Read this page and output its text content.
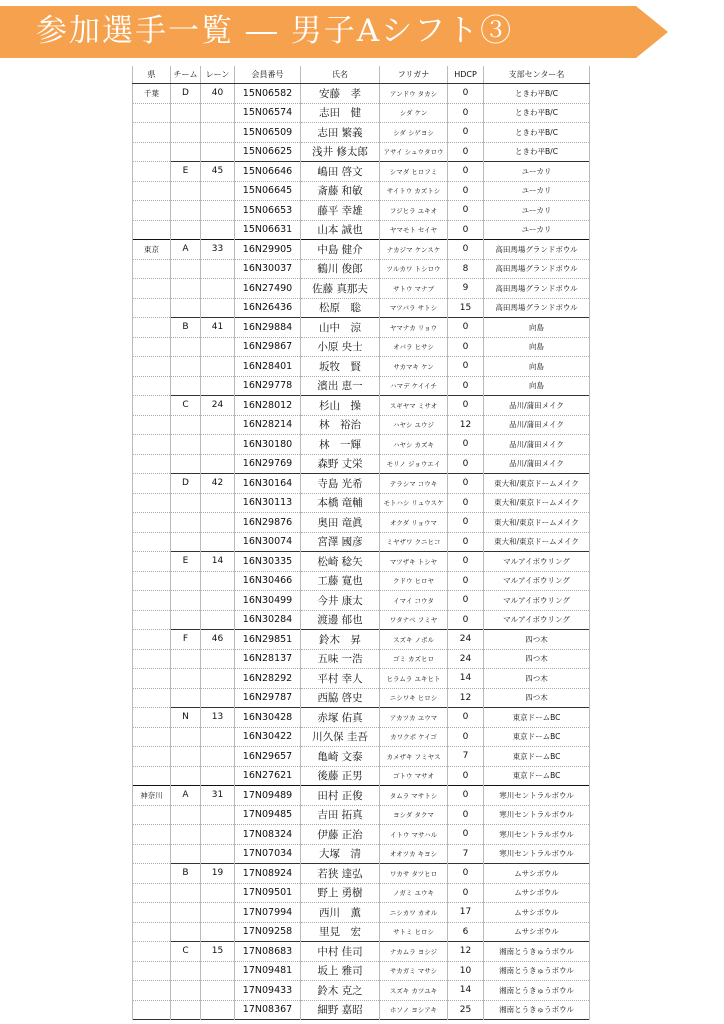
参加選手一覧 ― 男子Aシフト③
県	チーム	レーン	会員番号	氏名	フリガナ	HDCP	支部センター名
千葉	D	40	15N06582	安藤　孝	アンドウ タカシ	0	ときわ平B/C
			15N06574	志田　健	シダ ケン	0	ときわ平B/C
			15N06509	志田 繁義	シダ シゲヨシ	0	ときわ平B/C
			15N06625	浅井 修太郎	アサイ シュウタロウ	0	ときわ平B/C
	E	45	15N06646	嶋田 啓文	シマダ ヒロフミ	0	ユーカリ
			15N06645	斎藤 和敏	サイトウ カズトシ	0	ユーカリ
			15N06653	藤平 幸雄	フジヒラ ユキオ	0	ユーカリ
			15N06631	山本 誠也	ヤマモト セイヤ	0	ユーカリ
東京	A	33	16N29905	中島 健介	ナカジマ ケンスケ	0	高田馬場グランドボウル
			16N30037	鶴川 俊郎	ツルカワ トシロウ	8	高田馬場グランドボウル
			16N27490	佐藤 真那夫	サトウ マナブ	9	高田馬場グランドボウル
			16N26436	松原　聡	マツバラ サトシ	15	高田馬場グランドボウル
	B	41	16N29884	山中　涼	ヤマナカ リョウ	0	向島
			16N29867	小原 央士	オバラ ヒサシ	0	向島
			16N28401	坂牧　賢	サカマキ ケン	0	向島
			16N29778	濱出 恵一	ハマデ ケイイチ	0	向島
	C	24	16N28012	杉山　操	スギヤマ ミサオ	0	品川/蒲田メイク
			16N28214	林　裕治	ハヤシ ユウジ	12	品川/蒲田メイク
			16N30180	林　一輝	ハヤシ カズキ	0	品川/蒲田メイク
			16N29769	森野 丈栄	モリノ ジョウエイ	0	品川/蒲田メイク
	D	42	16N30164	寺島 光希	テラシマ コウキ	0	東大和/東京ドームメイク
			16N30113	本橋 竜輔	モトハシ リュウスケ	0	東大和/東京ドームメイク
			16N29876	奥田 竜眞	オクダ リョウマ	0	東大和/東京ドームメイク
			16N30074	宮澤 國彦	ミヤザワ クニヒコ	0	東大和/東京ドームメイク
	E	14	16N30335	松崎 稔矢	マツザキ トシヤ	0	マルアイボウリング
			16N30466	工藤 寛也	クドウ ヒロヤ	0	マルアイボウリング
			16N30499	今井 康太	イマイ コウタ	0	マルアイボウリング
			16N30284	渡邊 郁也	ワタナベ フミヤ	0	マルアイボウリング
	F	46	16N29851	鈴木　昇	スズキ ノボル	24	四つ木
			16N28137	五味 一浩	ゴミ カズヒロ	24	四つ木
			16N28292	平村 幸人	ヒラムラ ユキヒト	14	四つ木
			16N29787	西脇 啓史	ニシワキ ヒロシ	12	四つ木
	N	13	16N30428	赤塚 佑真	アカツカ ユウマ	0	東京ドームBC
			16N30422	川久保 圭吾	カワクボ ケイゴ	0	東京ドームBC
			16N29657	亀崎 文泰	カメザキ フミヤス	7	東京ドームBC
			16N27621	後藤 正男	ゴトウ マサオ	0	東京ドームBC
神奈川	A	31	17N09489	田村 正俊	タムラ マサトシ	0	寒川セントラルボウル
			17N09485	吉田 拓真	ヨシダ タクマ	0	寒川セントラルボウル
			17N08324	伊藤 正治	イトウ マサハル	0	寒川セントラルボウル
			17N07034	大塚　清	オオツカ キヨシ	7	寒川セントラルボウル
	B	19	17N08924	若狭 達弘	ワカサ タツヒロ	0	ムサシボウル
			17N09501	野上 勇樹	ノガミ ユウキ	0	ムサシボウル
			17N07994	西川　薫	ニシカワ カオル	17	ムサシボウル
			17N09258	里見　宏	サトミ ヒロシ	6	ムサシボウル
	C	15	17N08683	中村 佳司	ナカムラ ヨシジ	12	湘南とうきゅうボウル
			17N09481	坂上 雅司	サカガミ マサシ	10	湘南とうきゅうボウル
			17N09433	鈴木 克之	スズキ カツユキ	14	湘南とうきゅうボウル
			17N08367	細野 嘉昭	ホソノ ヨシアキ	25	湘南とうきゅうボウル
